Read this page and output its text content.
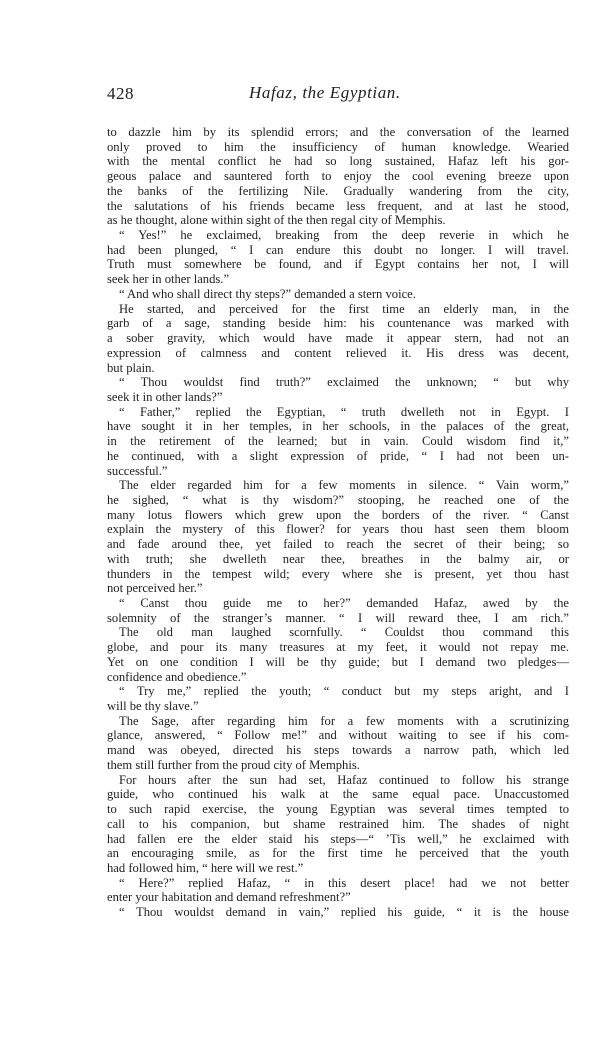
428	Hafaz, the Egyptian.
to dazzle him by its splendid errors; and the conversation of the learned
only proved to him the insufficiency of human knowledge. Wearied
with the mental conflict he had so long sustained, Hafaz left his gor-
geous palace and sauntered forth to enjoy the cool evening breeze upon
the banks of the fertilizing Nile. Gradually wandering from the city,
the salutations of his friends became less frequent, and at last he stood,
as he thought, alone within sight of the then regal city of Memphis.
“ Yes!” he exclaimed, breaking from the deep reverie in which he
had been plunged, “ I can endure this doubt no longer. I will travel.
Truth must somewhere be found, and if Egypt contains her not, I will
seek her in other lands.”
“ And who shall direct thy steps?” demanded a stern voice.
He started, and perceived for the first time an elderly man, in the
garb of a sage, standing beside him: his countenance was marked with
a sober gravity, which would have made it appear stern, had not an
expression of calmness and content relieved it. His dress was decent,
but plain.
“ Thou wouldst find truth?” exclaimed the unknown; “ but why
seek it in other lands?”
“ Father,” replied the Egyptian, “ truth dwelleth not in Egypt. I
have sought it in her temples, in her schools, in the palaces of the great,
in the retirement of the learned; but in vain. Could wisdom find it,”
he continued, with a slight expression of pride, “ I had not been un-
successful.”
The elder regarded him for a few moments in silence. “ Vain worm,”
he sighed, “ what is thy wisdom?” stooping, he reached one of the
many lotus flowers which grew upon the borders of the river. “ Canst
explain the mystery of this flower? for years thou hast seen them bloom
and fade around thee, yet failed to reach the secret of their being; so
with truth; she dwelleth near thee, breathes in the balmy air, or
thunders in the tempest wild; every where she is present, yet thou hast
not perceived her.”
“ Canst thou guide me to her?” demanded Hafaz, awed by the
solemnity of the stranger’s manner. “ I will reward thee, I am rich.”
The old man laughed scornfully. “ Couldst thou command this
globe, and pour its many treasures at my feet, it would not repay me.
Yet on one condition I will be thy guide; but I demand two pledges—
confidence and obedience.”
“ Try me,” replied the youth; “ conduct but my steps aright, and I
will be thy slave.”
The Sage, after regarding him for a few moments with a scrutinizing
glance, answered, “ Follow me!” and without waiting to see if his com-
mand was obeyed, directed his steps towards a narrow path, which led
them still further from the proud city of Memphis.
For hours after the sun had set, Hafaz continued to follow his strange
guide, who continued his walk at the same equal pace. Unaccustomed
to such rapid exercise, the young Egyptian was several times tempted to
call to his companion, but shame restrained him. The shades of night
had fallen ere the elder staid his steps—“ ’Tis well,” he exclaimed with
an encouraging smile, as for the first time he perceived that the youth
had followed him, “ here will we rest.”
“ Here?” replied Hafaz, “ in this desert place! had we not better
enter your habitation and demand refreshment?”
“ Thou wouldst demand in vain,” replied his guide, “ it is the house
